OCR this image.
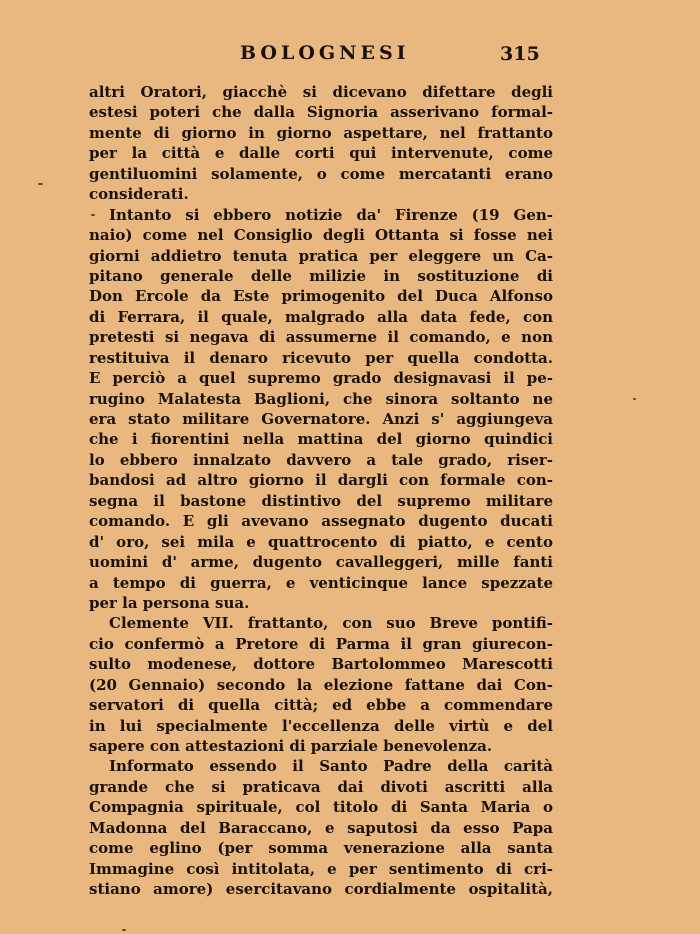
BOLOGNESI	315
altri Oratori, giacchè si dicevano difettare degli
estesi poteri che dalla Signoria asserivano formal-
mente di giorno in giorno aspettare, nel frattanto
per la città e dalle corti qui intervenute, come
gentiluomini solamente, o come mercatanti erano
considerati.
Intanto si ebbero notizie da' Firenze (19 Gen-
naio) come nel Consiglio degli Ottanta si fosse nei
giorni addietro tenuta pratica per eleggere un Ca-
pitano generale delle milizie in sostituzione di
Don Ercole da Este primogenito del Duca Alfonso
di Ferrara, il quale, malgrado alla data fede, con
pretesti si negava di assumerne il comando, e non
restituiva il denaro ricevuto per quella condotta.
E perciò a quel supremo grado designavasi il pe-
rugino Malatesta Baglioni, che sinora soltanto ne
era stato militare Governatore. Anzi s' aggiungeva
che i fiorentini nella mattina del giorno quindici
lo ebbero innalzato davvero a tale grado, riser-
bandosi ad altro giorno il dargli con formale con-
segna il bastone distintivo del supremo militare
comando. E gli avevano assegnato dugento ducati
d' oro, sei mila e quattrocento di piatto, e cento
uomini d' arme, dugento cavalleggeri, mille fanti
a tempo di guerra, e venticinque lance spezzate
per la persona sua.
Clemente VII. frattanto, con suo Breve pontifi-
cio confermò a Pretore di Parma il gran giurecon-
sulto modenese, dottore Bartolommeo Marescotti
(20 Gennaio) secondo la elezione fattane dai Con-
servatori di quella città; ed ebbe a commendare
in lui specialmente l'eccellenza delle virtù e del
sapere con attestazioni di parziale benevolenza.
Informato essendo il Santo Padre della carità
grande che si praticava dai divoti ascritti alla
Compagnia spirituale, col titolo di Santa Maria o
Madonna del Baraccano, e saputosi da esso Papa
come eglino (per somma venerazione alla santa
Immagine così intitolata, e per sentimento di cri-
stiano amore) esercitavano cordialmente ospitalità,
